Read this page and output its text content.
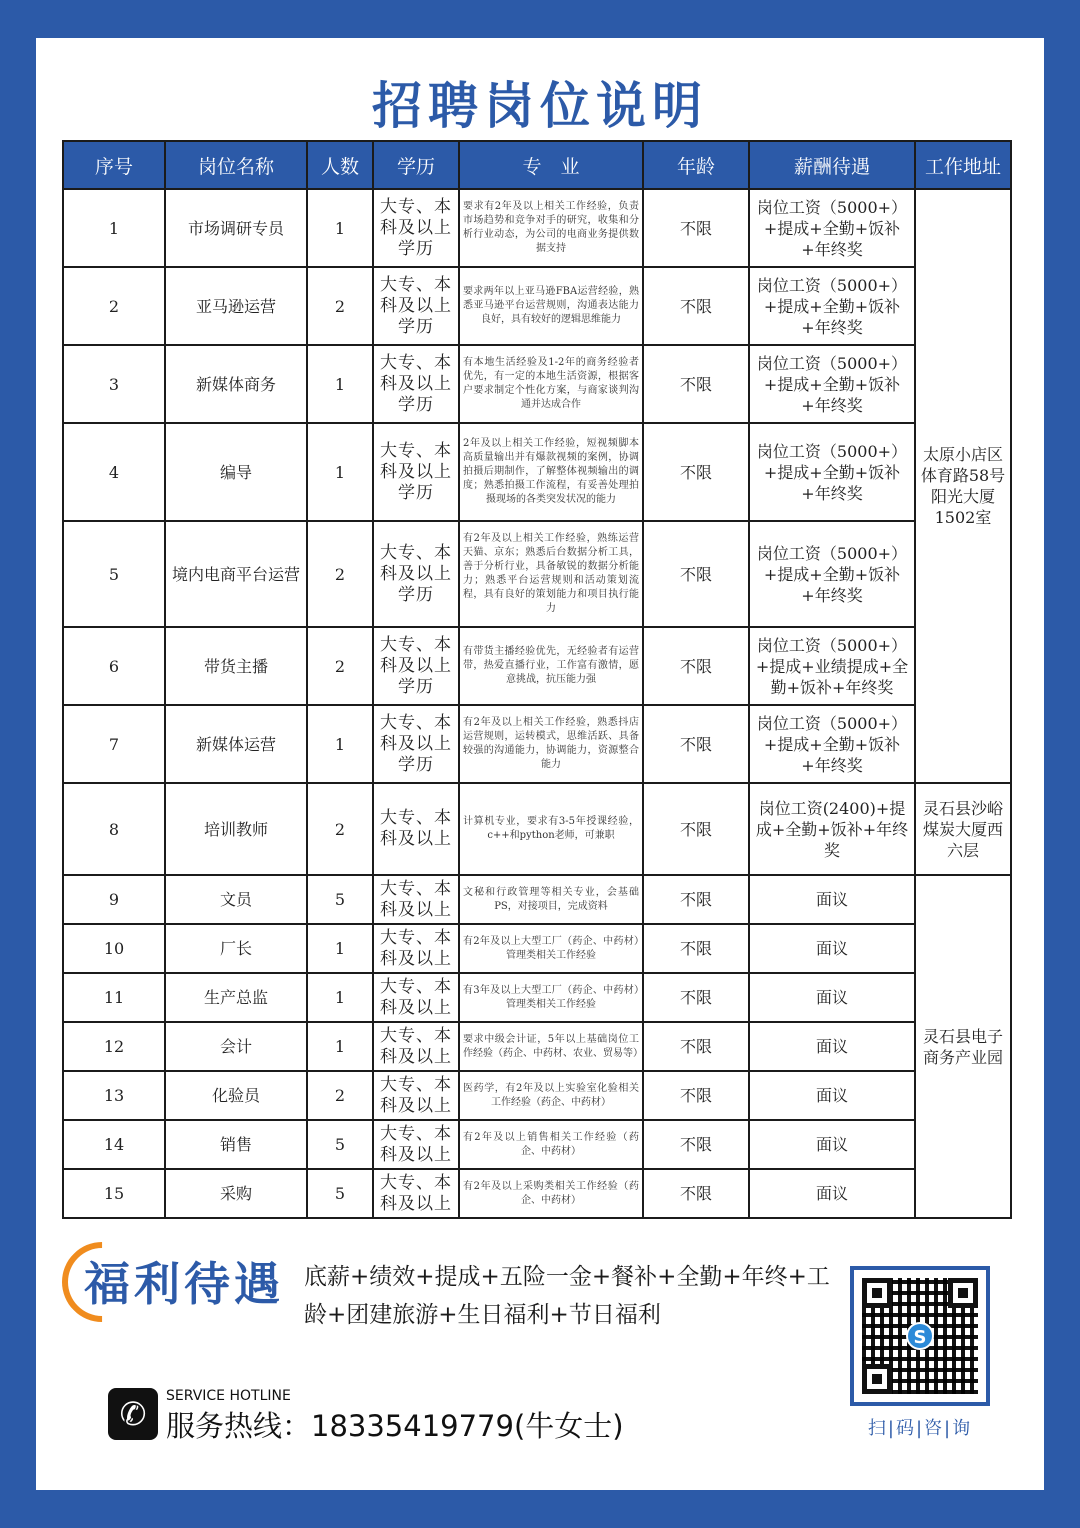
招聘岗位说明
序号	岗位名称	人数	学历	专　业	年龄	薪酬待遇	工作地址
1	市场调研专员	1	大专、本科及以上学历	要求有2年及以上相关工作经验，负责市场趋势和竞争对手的研究，收集和分析行业动态，为公司的电商业务提供数据支持	不限	岗位工资（5000+）+提成+全勤+饭补+年终奖	太原小店区体育路58号阳光大厦1502室
2	亚马逊运营	2	大专、本科及以上学历	要求两年以上亚马逊FBA运营经验，熟悉亚马逊平台运营规则，沟通表达能力良好，具有较好的逻辑思维能力	不限	岗位工资（5000+）+提成+全勤+饭补+年终奖	
3	新媒体商务	1	大专、本科及以上学历	有本地生活经验及1-2年的商务经验者优先，有一定的本地生活资源，根据客户要求制定个性化方案，与商家谈判沟通并达成合作	不限	岗位工资（5000+）+提成+全勤+饭补+年终奖	
4	编导	1	大专、本科及以上学历	2年及以上相关工作经验，短视频脚本高质量输出并有爆款视频的案例，协调拍摄后期制作，了解整体视频输出的调度；熟悉拍摄工作流程，有妥善处理拍摄现场的各类突发状况的能力	不限	岗位工资（5000+）+提成+全勤+饭补+年终奖	
5	境内电商平台运营	2	大专、本科及以上学历	有2年及以上相关工作经验，熟练运营天猫、京东；熟悉后台数据分析工具，善于分析行业，具备敏锐的数据分析能力；熟悉平台运营规则和活动策划流程，具有良好的策划能力和项目执行能力	不限	岗位工资（5000+）+提成+全勤+饭补+年终奖	
6	带货主播	2	大专、本科及以上学历	有带货主播经验优先，无经验者有运营带，热爱直播行业，工作富有激情，愿意挑战，抗压能力强	不限	岗位工资（5000+）+提成+业绩提成+全勤+饭补+年终奖	
7	新媒体运营	1	大专、本科及以上学历	有2年及以上相关工作经验，熟悉抖店运营规则，运转模式，思维活跃、具备较强的沟通能力，协调能力，资源整合能力	不限	岗位工资（5000+）+提成+全勤+饭补+年终奖	
8	培训教师	2	大专、本科及以上	计算机专业，要求有3-5年授课经验，c++和python老师，可兼职	不限	岗位工资(2400)+提成+全勤+饭补+年终奖	灵石县沙峪煤炭大厦西六层
9	文员	5	大专、本科及以上	文秘和行政管理等相关专业，会基础PS，对接项目，完成资料	不限	面议	灵石县电子商务产业园
10	厂长	1	大专、本科及以上	有2年及以上大型工厂（药企、中药材）管理类相关工作经验	不限	面议	
11	生产总监	1	大专、本科及以上	有3年及以上大型工厂（药企、中药材）管理类相关工作经验	不限	面议	
12	会计	1	大专、本科及以上	要求中级会计证，5年以上基础岗位工作经验（药企、中药材、农业、贸易等）	不限	面议	
13	化验员	2	大专、本科及以上	医药学，有2年及以上实验室化验相关工作经验（药企、中药材）	不限	面议	
14	销售	5	大专、本科及以上	有2年及以上销售相关工作经验（药企、中药材）	不限	面议	
15	采购	5	大专、本科及以上	有2年及以上采购类相关工作经验（药企、中药材）	不限	面议	
福利待遇 底薪+绩效+提成+五险一金+餐补+全勤+年终+工龄+团建旅游+生日福利+节日福利
✆	SERVICE HOTLINE
服务热线：18335419779(牛女士)
S
扫|码|咨|询
